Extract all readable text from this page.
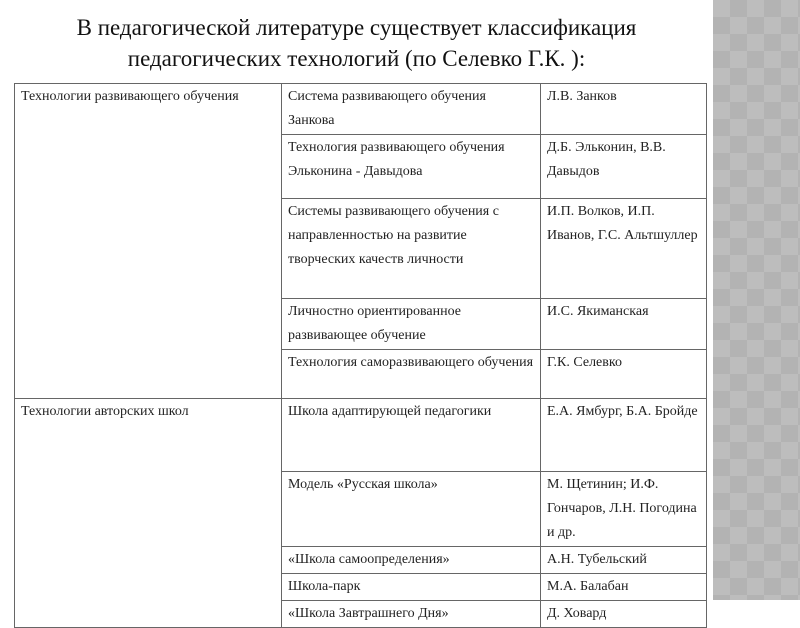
В педагогической литературе существует классификация педагогических технологий (по Селевко Г.К. ):
Технологии развивающего обучения	Система развивающего обучения Занкова	Л.В. Занков
	Технология развивающего обучения Эльконина - Давыдова	Д.Б. Эльконин, В.В. Давыдов
	Системы развивающего обучения с направленностью на развитие творческих качеств личности	И.П. Волков, И.П. Иванов, Г.С. Альтшуллер
	Личностно ориентированное развивающее обучение	И.С. Якиманская
	Технология саморазвивающего обучения	Г.К. Селевко
Технологии авторских школ	Школа адаптирующей педагогики	Е.А. Ямбург, Б.А. Бройде
	Модель «Русская школа»	М. Щетинин; И.Ф. Гончаров, Л.Н. Погодина и др.
	«Школа самоопределения»	А.Н. Тубельский
	Школа-парк	М.А. Балабан
	«Школа Завтрашнего Дня»	Д. Ховард
